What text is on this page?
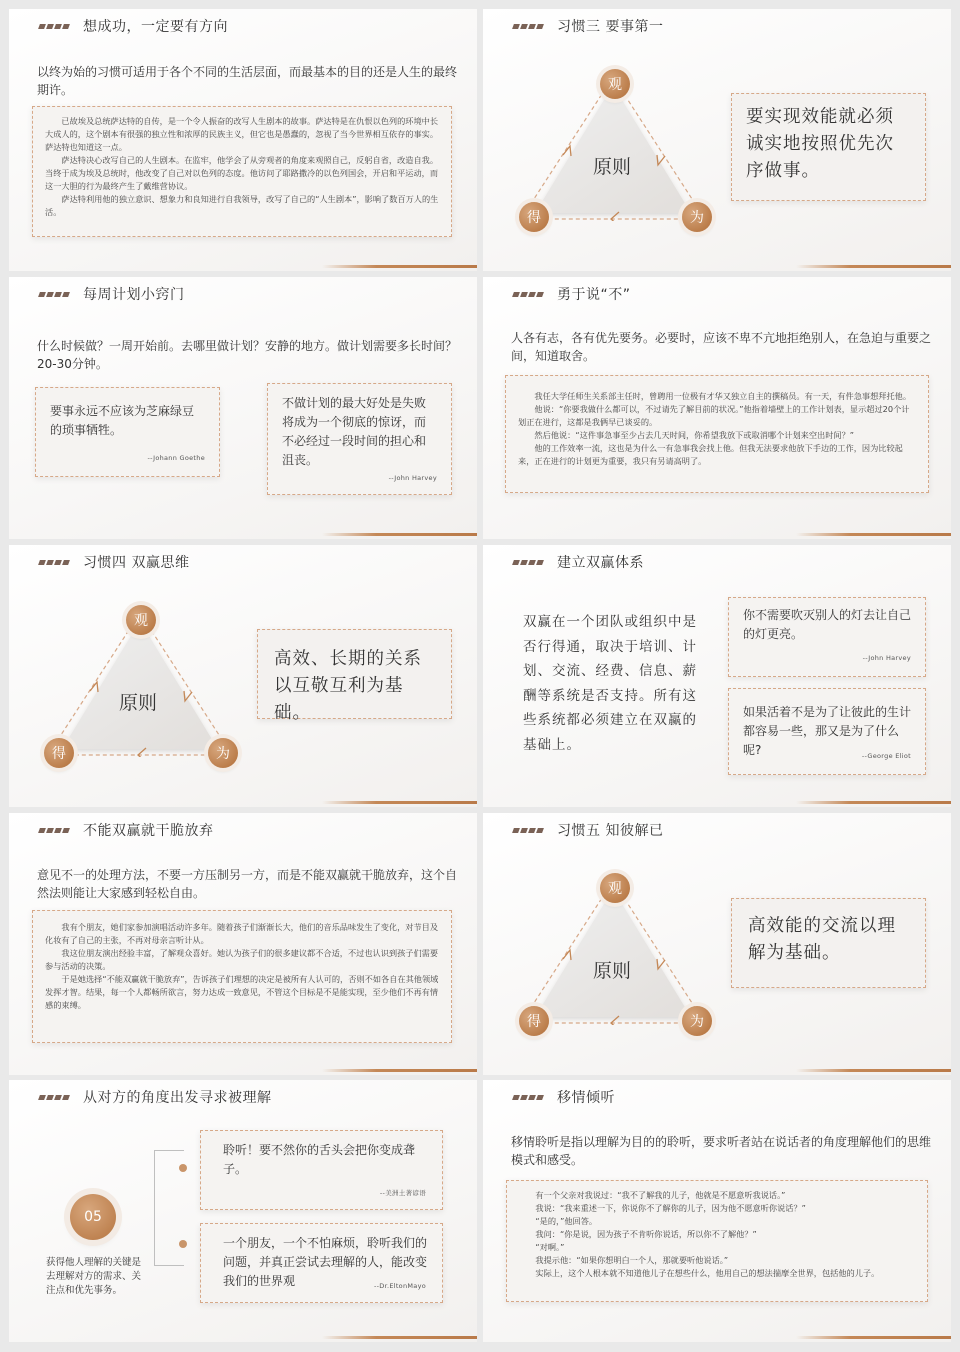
想成功，一定要有方向
以终为始的习惯可适用于各个不同的生活层面，而最基本的目的还是人生的最终期许。

已故埃及总统萨达特的自传，是一个令人振奋的改写人生剧本的故事。萨达特是在仇恨以色列的环境中长大成人的，这个剧本有很强的独立性和浓厚的民族主义，但它也是愚蠢的，忽视了当今世界相互依存的事实。萨达特也知道这一点。

萨达特决心改写自己的人生剧本。在监牢，他学会了从旁观者的角度来观照自己，反躬自省，改造自我。当终于成为埃及总统时，他改变了自己对以色列的态度。他访问了耶路撒冷的以色列国会，开启和平运动，而这一大胆的行为最终产生了戴维营协议。

萨达特利用他的独立意识、想象力和良知进行自我领导，改写了自己的“人生剧本”，影响了数百万人的生活。

习惯三 要事第一
原则
观
得	为
要实现效能就必须诚实地按照优先次序做事。
每周计划小窍门
什么时候做？一周开始前。去哪里做计划？安静的地方。做计划需要多长时间？20-30分钟。
要事永远不应该为芝麻绿豆的琐事牺牲。
--Johann Goethe
不做计划的最大好处是失败将成为一个彻底的惊讶，而不必经过一段时间的担心和沮丧。
--John Harvey
勇于说“不”
人各有志，各有优先要务。必要时，应该不卑不亢地拒绝别人，在急迫与重要之间，知道取舍。

我任大学任师生关系部主任时，曾聘用一位极有才华又独立自主的撰稿员。有一天，有件急事想拜托他。

他说：“你要我做什么都可以，不过请先了解目前的状况。”他指着墙壁上的工作计划表，显示超过20个计划正在进行，这都是我俩早已谈妥的。

然后他说：“这件事急事至少占去几天时间，你希望我放下或取消哪个计划来空出时间？”

他的工作效率一流，这也是为什么一有急事我会找上他。但我无法要求他放下手边的工作，因为比较起来，正在进行的计划更为重要，我只有另请高明了。

习惯四 双赢思维
原则
观
得	为
高效、长期的关系以互敬互利为基础。
建立双赢体系
双赢在一个团队或组织中是否行得通，取决于培训、计划、交流、经费、信息、薪酬等系统是否支持。所有这些系统都必须建立在双赢的基础上。
你不需要吹灭别人的灯去让自己的灯更亮。
--John Harvey
如果活着不是为了让彼此的生计都容易一些，那又是为了什么呢?	--George Eliot
不能双赢就干脆放弃
意见不一的处理方法，不要一方压制另一方，而是不能双赢就干脆放弃，这个自然法则能让大家感到轻松自由。

我有个朋友，她们家参加演唱活动许多年。随着孩子们渐渐长大，他们的音乐品味发生了变化，对节目及化妆有了自己的主张，不再对母亲言听计从。

我这位朋友演出经验丰富，了解观众喜好。她认为孩子们的很多建议都不合适，不过也认识到孩子们需要参与活动的决策。

于是她选择“不能双赢就干脆放弃”，告诉孩子们理想的决定是被所有人认可的，否则不如各自在其他领域发挥才智。结果，每一个人都畅所欲言，努力达成一致意见，不管这个目标是不是能实现，至少他们不再有情感的束缚。

习惯五 知彼解已
原则
观
得	为
高效能的交流以理解为基础。
从对方的角度出发寻求被理解
05
获得他人理解的关键是去理解对方的需求、关注点和优先事务。
聆听！要不然你的舌头会把你变成聋子。
--美洲土著谚语
一个朋友，一个不怕麻烦，聆听我们的问题，并真正尝试去理解的人，能改变我们的世界观	--Dr.EltonMayo
移情倾听
移情聆听是指以理解为目的的聆听，要求听者站在说话者的角度理解他们的思维模式和感受。

有一个父亲对我说过：“我不了解我的儿子，他就是不愿意听我说话。”

我说：“我来重述一下，你说你不了解你的儿子，因为他不愿意听你说话？”

“是的，”他回答。

我问：“你是说，因为孩子不肯听你说话，所以你不了解他？”

“对啊。”

我提示他：“如果你想明白一个人，那就要听他说话。”

实际上，这个人根本就不知道他儿子在想些什么，他用自己的想法揣摩全世界，包括他的儿子。
